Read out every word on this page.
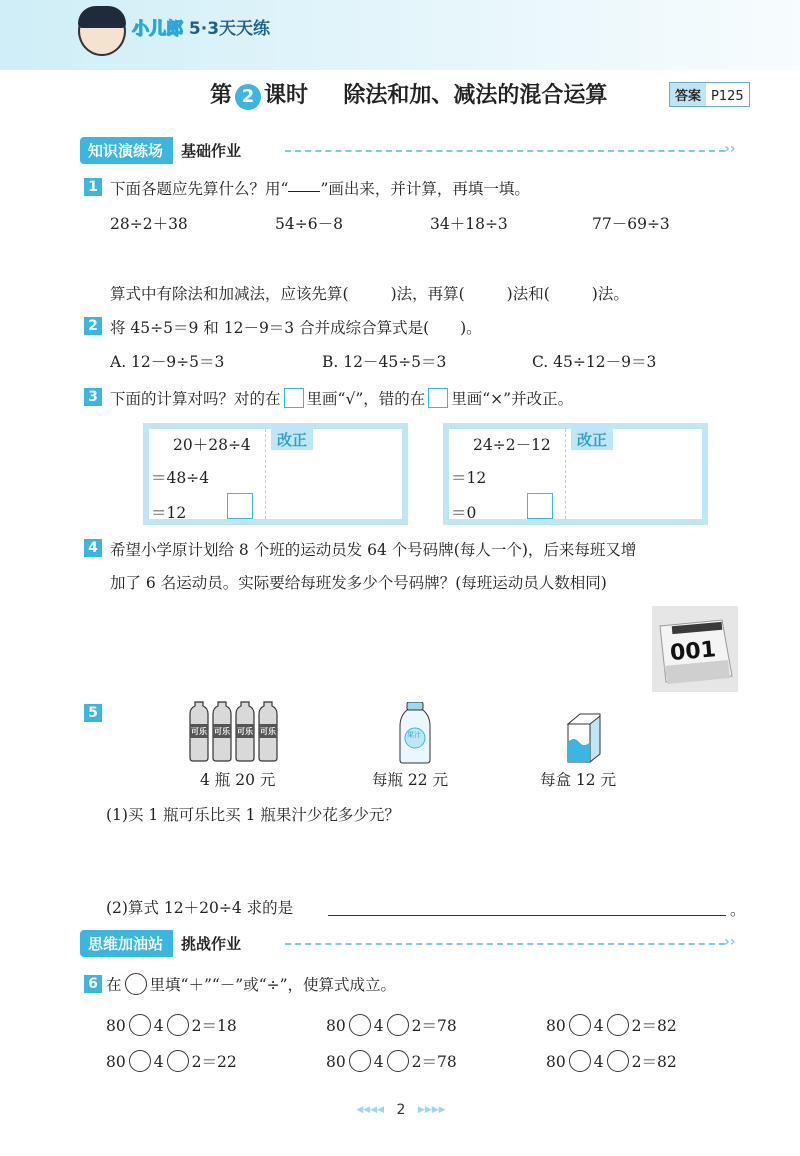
小儿郎 5·3天天练
第 2 课时 除法和加、减法的混合运算	答案 P125
知识演练场 基础作业	››
1 下面各题应先算什么？用“ ”画出来，并计算，再填一填。
28÷2＋38	54÷6－8	34＋18÷3	77－69÷3
算式中有除法和加减法，应该先算(	)法，再算(	)法和(	)法。
2 将 45÷5＝9 和 12－9＝3 合并成综合算式是(　　)。
A. 12－9÷5＝3	B. 12－45÷5＝3	C. 45÷12－9＝3
3 下面的计算对吗？对的在 里画“√”，错的在 里画“×”并改正。
20＋28÷4
＝48÷4
＝12
改正	24÷2－12
＝12
＝0
改正
4 希望小学原计划给 8 个班的运动员发 64 个号码牌(每人一个)，后来每班又增
加了 6 名运动员。实际要给每班发多少个号码牌？(每班运动员人数相同)
001
5
可乐 可乐 可乐 可乐	果汁
4 瓶 20 元	每瓶 22 元	每盒 12 元
(1)买 1 瓶可乐比买 1 瓶果汁少花多少元？
(2)算式 12＋20÷4 求的是	。
思维加油站 挑战作业	››
6 在 里填“＋”“－”或“÷”，使算式成立。
80 4 2＝18	80 4 2＝78	80 4 2＝82
80 4 2＝22	80 4 2＝78	80 4 2＝82
◀◀◀◀ 2 ▶▶▶▶
